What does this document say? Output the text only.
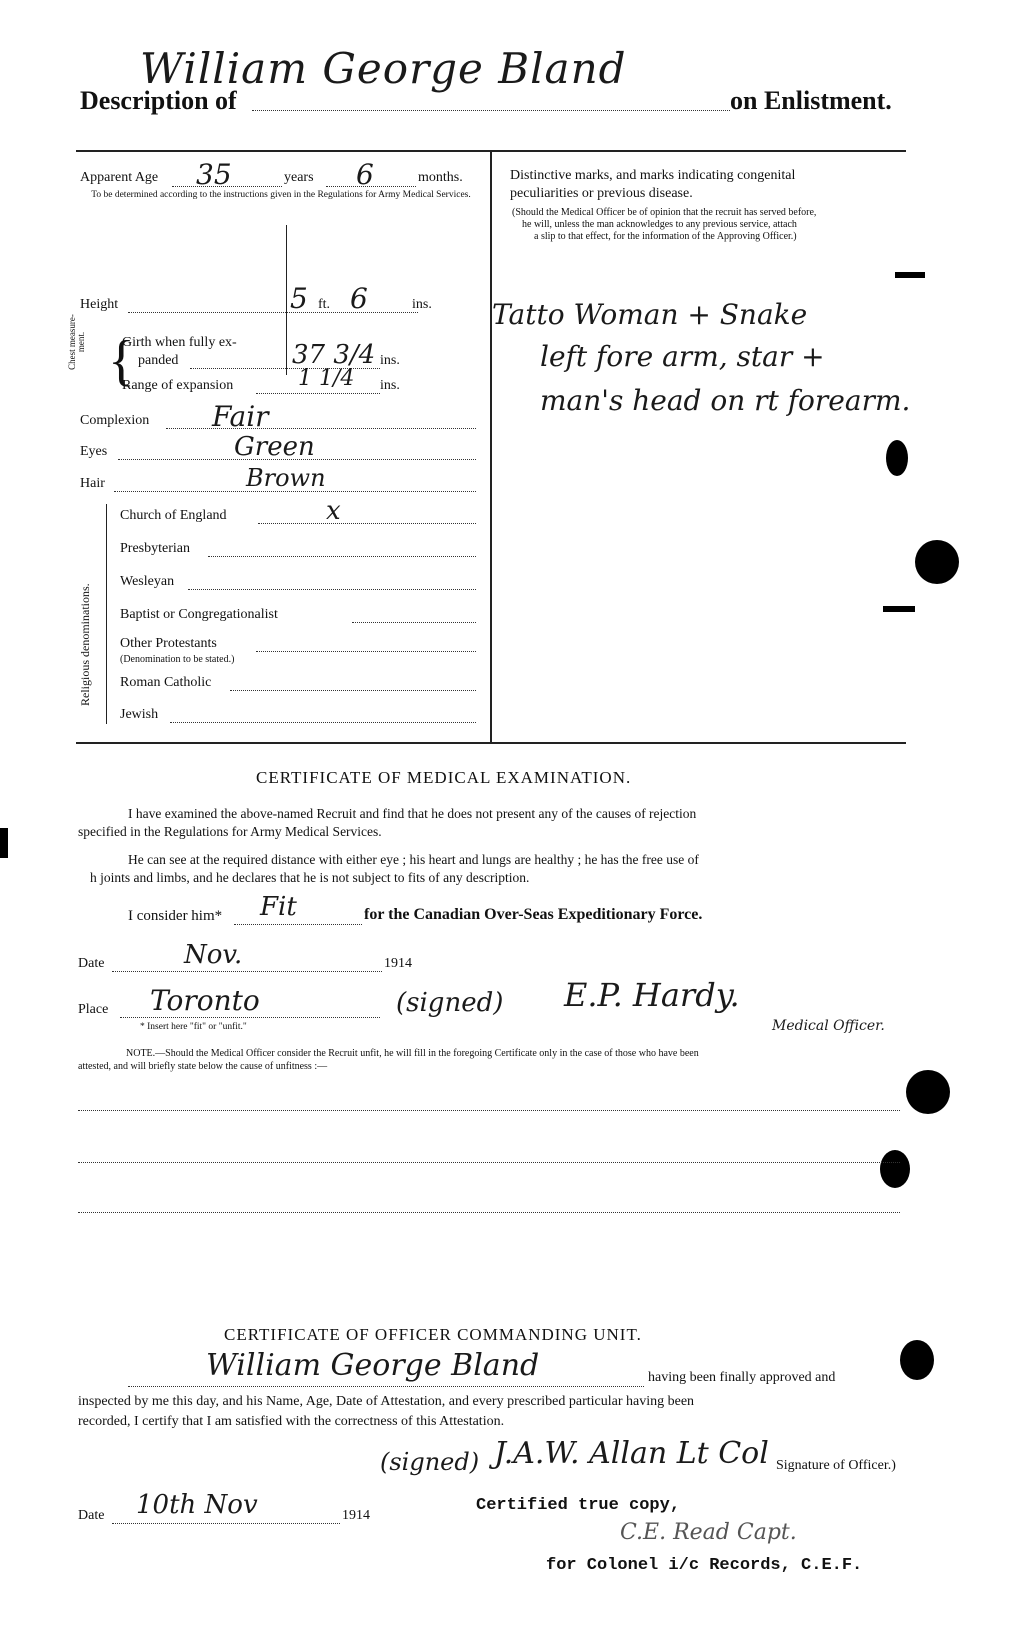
William George Bland
Description of	on Enlistment.
Apparent Age 35	years 6	months.
To be determined according to the instructions given in the Regulations for Army Medical Services.
Height	5 ft. 6	ins.
Chest measure-ment. {
Girth when fully ex-
panded	37 3/4 ins.
Range of expansion	1 1/4 ins.
Complexion Fair
Eyes	Green
Hair	Brown
Religious denominations.
Church of England	x
Presbyterian
Wesleyan
Baptist or Congregationalist
Other Protestants
(Denomination to be stated.)
Roman Catholic
Jewish
Distinctive marks, and marks indicating congenital
peculiarities or previous disease.
(Should the Medical Officer be of opinion that the recruit has served before,
he will, unless the man acknowledges to any previous service, attach
a slip to that effect, for the information of the Approving Officer.)
Tatto Woman + Snake
left fore arm, star +
man's head on rt forearm.
CERTIFICATE OF MEDICAL EXAMINATION.
I have examined the above-named Recruit and find that he does not present any of the causes of rejection
specified in the Regulations for Army Medical Services.
He can see at the required distance with either eye ; his heart and lungs are healthy ; he has the free use of
h joints and limbs, and he declares that he is not subject to fits of any description.
I consider him* Fit	for the Canadian Over-Seas Expeditionary Force.
Date	Nov.	1914
Place Toronto	(signed) E.P. Hardy.
* Insert here "fit" or "unfit."	Medical Officer.
NOTE.—Should the Medical Officer consider the Recruit unfit, he will fill in the foregoing Certificate only in the case of those who have been
attested, and will briefly state below the cause of unfitness :—
CERTIFICATE OF OFFICER COMMANDING UNIT.
William George Bland	having been finally approved and
inspected by me this day, and his Name, Age, Date of Attestation, and every prescribed particular having been
recorded, I certify that I am satisfied with the correctness of this Attestation.
(signed) J.A.W. Allan Lt Col Signature of Officer.)
Date 10th Nov	1914
Certified true copy,
C.E. Read Capt.
for Colonel i/c Records, C.E.F.
